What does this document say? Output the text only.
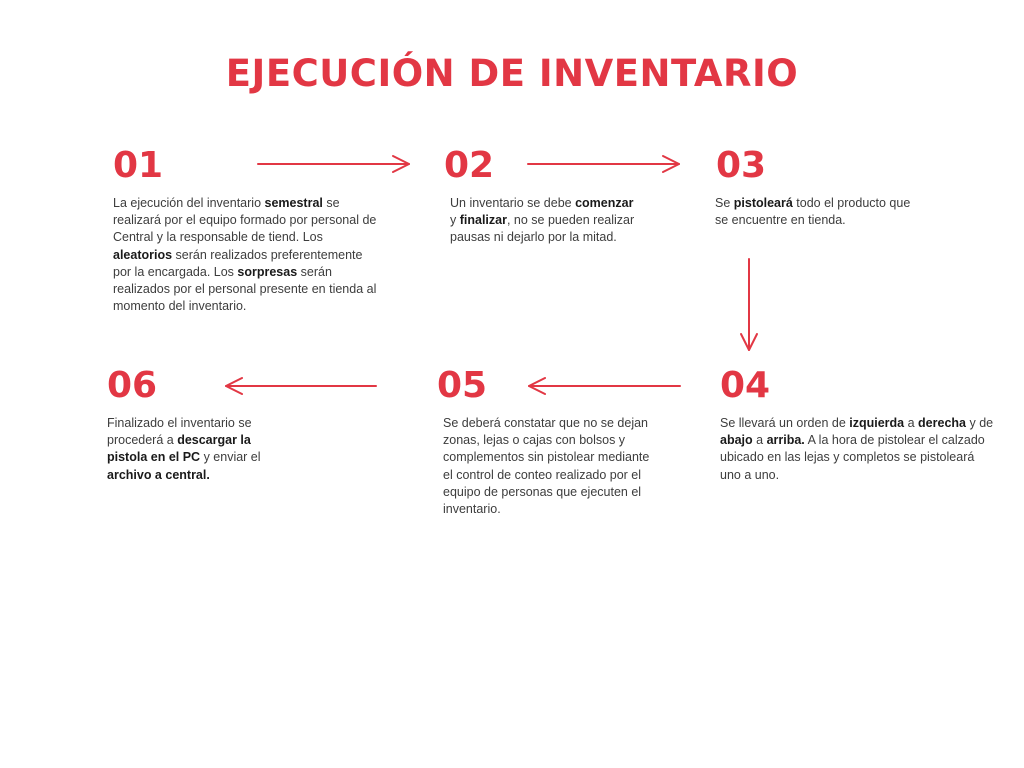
EJECUCIÓN DE INVENTARIO
01
La ejecución del inventario semestral se realizará por el equipo formado por personal de Central y la responsable de tiend. Los aleatorios serán realizados preferentemente por la encargada. Los sorpresas serán realizados por el personal presente en tienda al momento del inventario.
02
Un inventario se debe comenzar y finalizar, no se pueden realizar pausas ni dejarlo por la mitad.
03
Se pistoleará todo el producto que se encuentre en tienda.
04
Se llevará un orden de izquierda a derecha y de abajo a arriba. A la hora de pistolear el calzado ubicado en las lejas y completos se pistoleará uno a uno.
05
Se deberá constatar que no se dejan zonas, lejas o cajas con bolsos y complementos sin pistolear mediante el control de conteo realizado por el equipo de personas que ejecuten el inventario.
06
Finalizado el inventario se procederá a descargar la pistola en el PC y enviar el archivo a central.
